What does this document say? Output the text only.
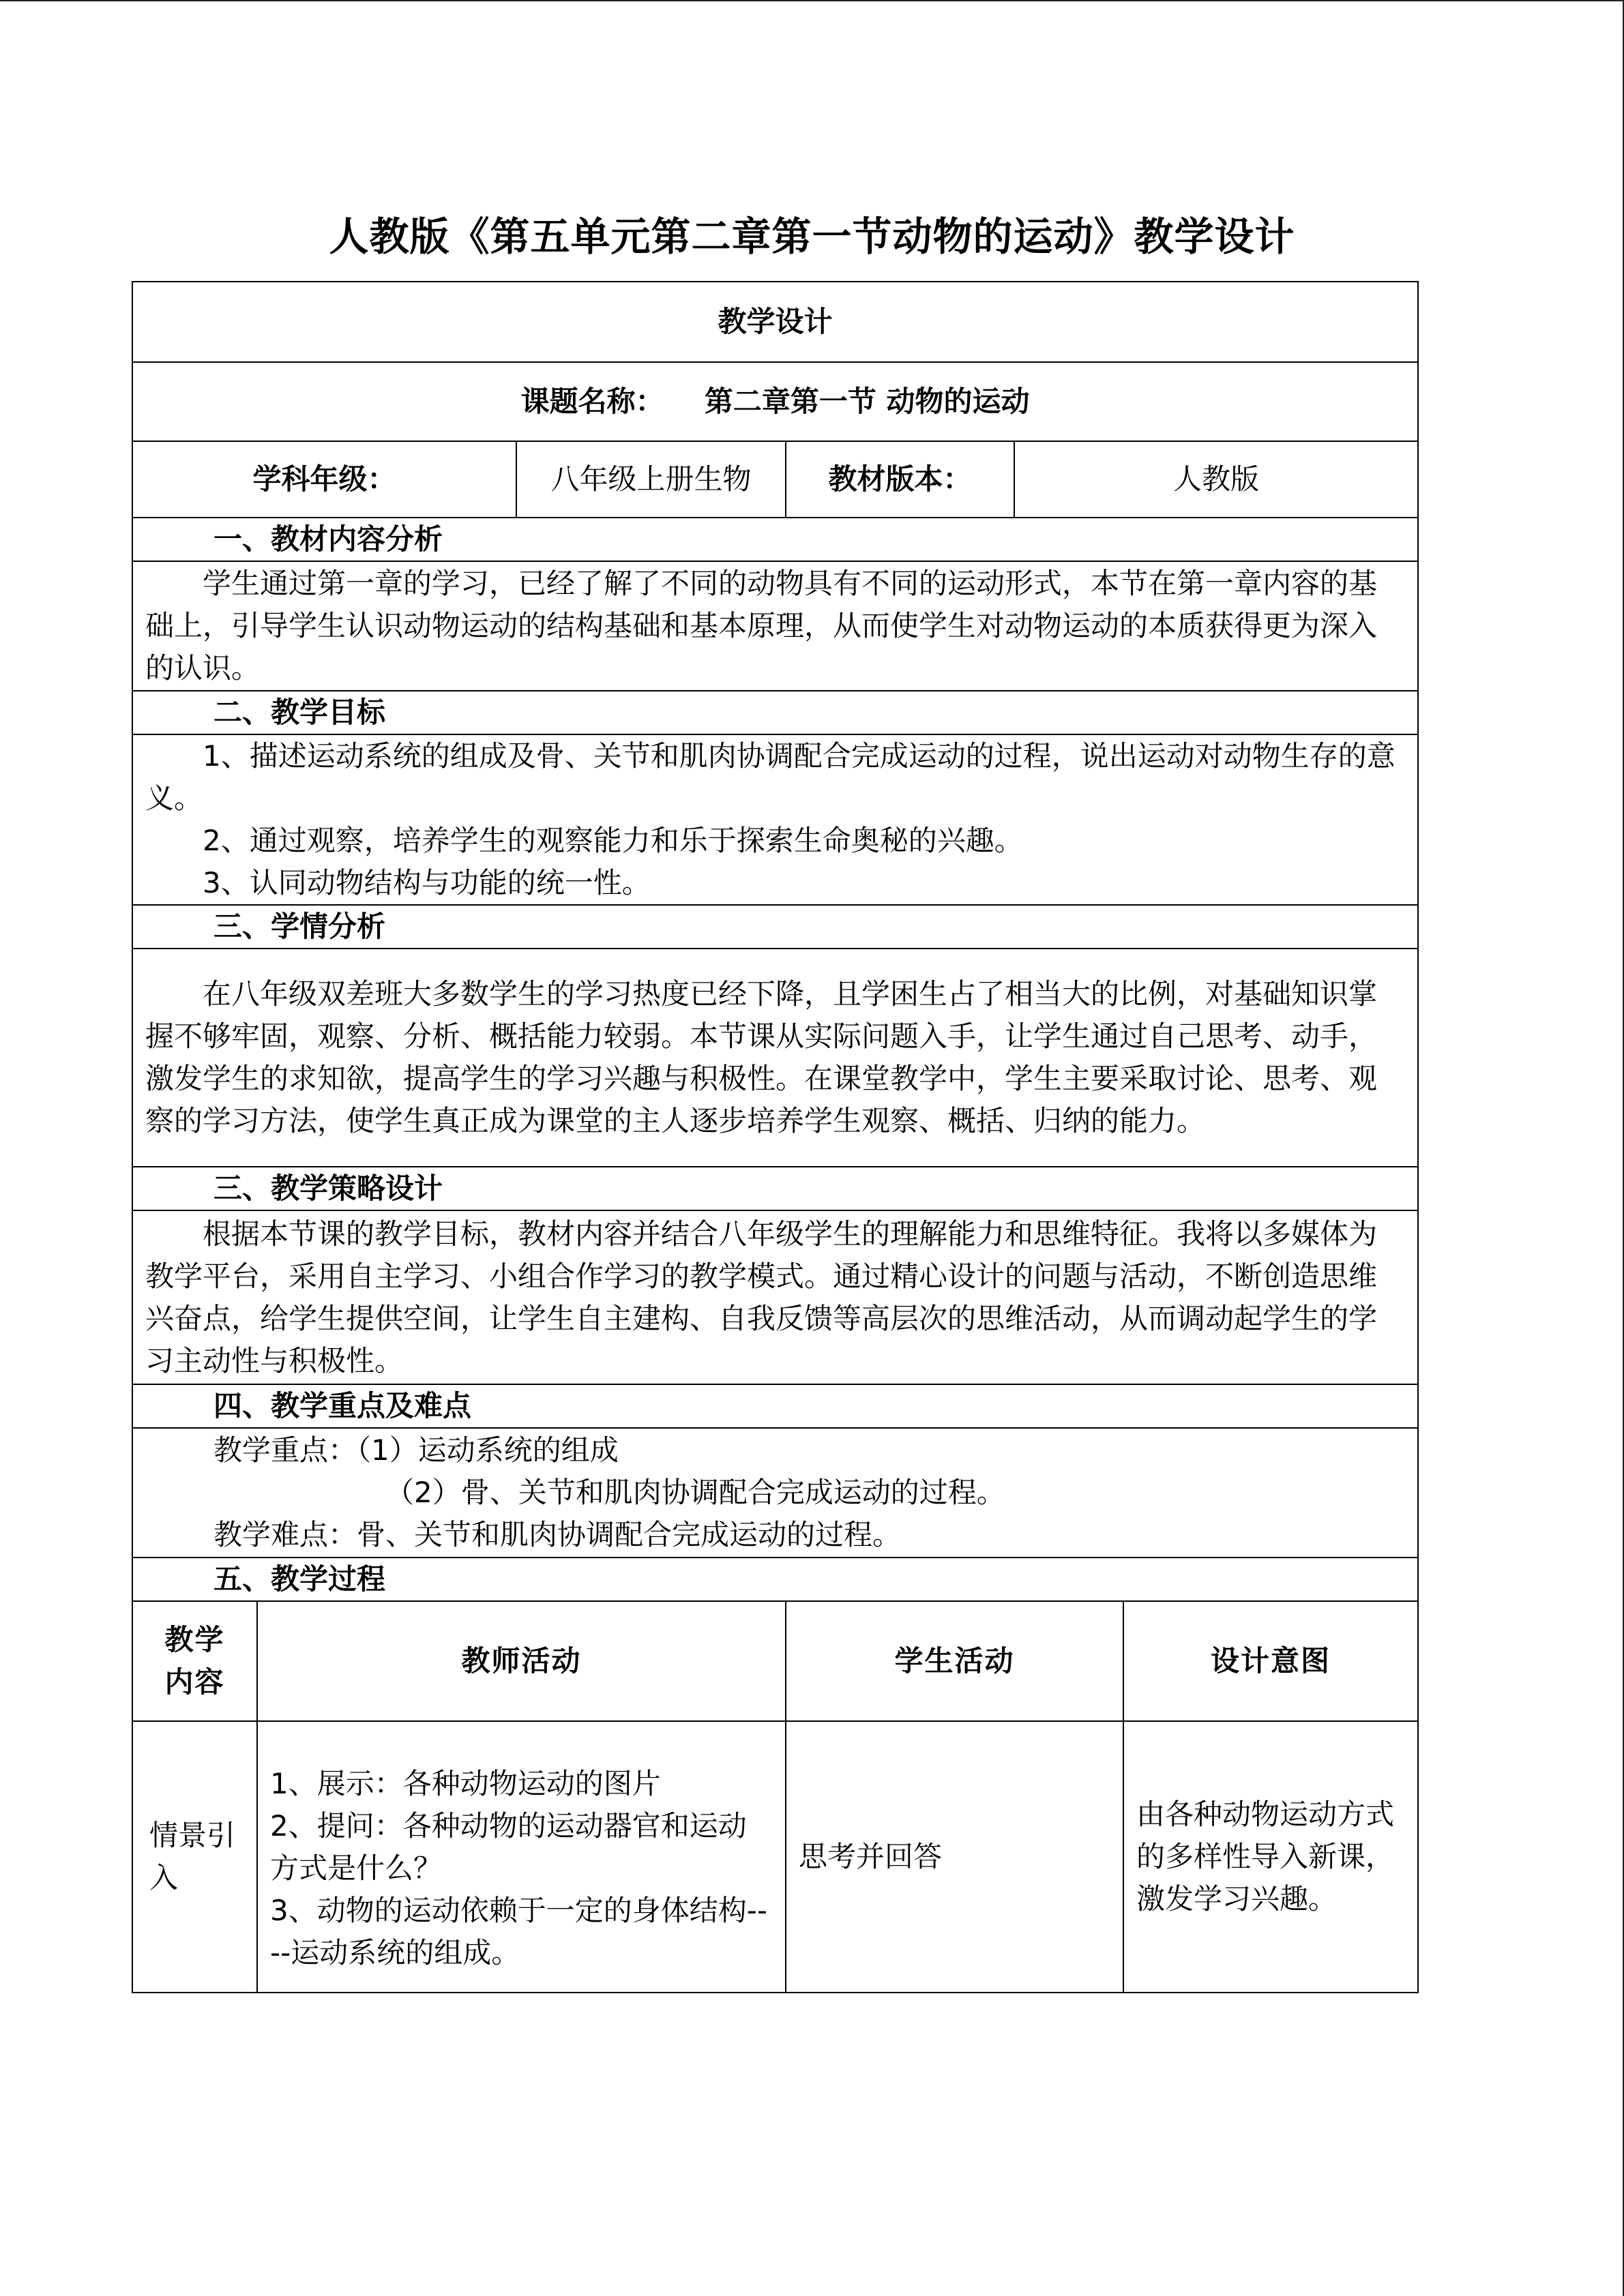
人教版《第五单元第二章第一节动物的运动》教学设计
教学设计					
课题名称： 第二章第一节 动物的运动					
学科年级：		八年级上册生物	教材版本：	人教版	
一、教材内容分析					
学生通过第一章的学习，已经了解了不同的动物具有不同的运动形式，本节在第一章内容的基础上，引导学生认识动物运动的结构基础和基本原理，从而使学生对动物运动的本质获得更为深入的认识。					
二、教学目标					

1、描述运动系统的组成及骨、关节和肌肉协调配合完成运动的过程，说出运动对动物生存的意义。
2、通过观察，培养学生的观察能力和乐于探索生命奥秘的兴趣。
3、认同动物结构与功能的统一性。					

三、学情分析					
在八年级双差班大多数学生的学习热度已经下降，且学困生占了相当大的比例，对基础知识掌握不够牢固，观察、分析、概括能力较弱。本节课从实际问题入手，让学生通过自己思考、动手，激发学生的求知欲，提高学生的学习兴趣与积极性。在课堂教学中，学生主要采取讨论、思考、观察的学习方法，使学生真正成为课堂的主人逐步培养学生观察、概括、归纳的能力。					
三、教学策略设计					
根据本节课的教学目标，教材内容并结合八年级学生的理解能力和思维特征。我将以多媒体为教学平台，采用自主学习、小组合作学习的教学模式。通过精心设计的问题与活动，不断创造思维兴奋点，给学生提供空间，让学生自主建构、自我反馈等高层次的思维活动，从而调动起学生的学习主动性与积极性。					
四、教学重点及难点					

教学重点：（1）运动系统的组成
（2）骨、关节和肌肉协调配合完成运动的过程。
教学难点：骨、关节和肌肉协调配合完成运动的过程。					

五、教学过程					
教学内容	教师活动		学生活动		设计意图
情景引入	1、展示：各种动物运动的图片
2、提问：各种动物的运动器官和运动方式是什么？
3、动物的运动依赖于一定的身体结构----运动系统的组成。		思考并回答		由各种动物运动方式的多样性导入新课，激发学习兴趣。
